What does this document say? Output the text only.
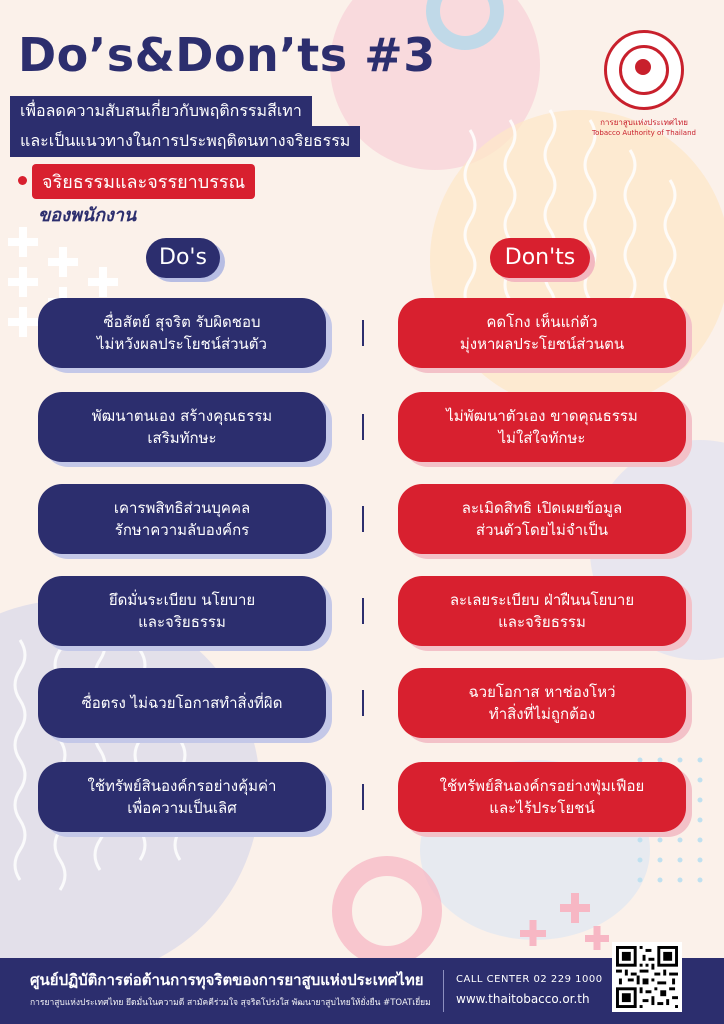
Do’s&Don’ts #3
เพื่อลดความสับสนเกี่ยวกับพฤติกรรมสีเทา
และเป็นแนวทางในการประพฤติตนทางจริยธรรม
การยาสูบแห่งประเทศไทย
Tobacco Authority of Thailand
จริยธรรมและจรรยาบรรณ
ของพนักงาน
Do's	Don'ts
ซื่อสัตย์ สุจริต รับผิดชอบ
ไม่หวังผลประโยชน์ส่วนตัว
คดโกง เห็นแก่ตัว
มุ่งหาผลประโยชน์ส่วนตน
พัฒนาตนเอง สร้างคุณธรรม
เสริมทักษะ
ไม่พัฒนาตัวเอง ขาดคุณธรรม
ไม่ใส่ใจทักษะ
เคารพสิทธิส่วนบุคคล
รักษาความลับองค์กร
ละเมิดสิทธิ เปิดเผยข้อมูล
ส่วนตัวโดยไม่จำเป็น
ยึดมั่นระเบียบ นโยบาย
และจริยธรรม
ละเลยระเบียบ ฝ่าฝืนนโยบาย
และจริยธรรม
ซื่อตรง ไม่ฉวยโอกาสทำสิ่งที่ผิด
ฉวยโอกาส หาช่องโหว่
ทำสิ่งที่ไม่ถูกต้อง
ใช้ทรัพย์สินองค์กรอย่างคุ้มค่า
เพื่อความเป็นเลิศ
ใช้ทรัพย์สินองค์กรอย่างฟุ่มเฟือย
และไร้ประโยชน์
ศูนย์ปฏิบัติการต่อต้านการทุจริตของการยาสูบแห่งประเทศไทย
การยาสูบแห่งประเทศไทย ยึดมั่นในความดี สามัคคีร่วมใจ สุจริตโปร่งใส พัฒนายาสูบไทยให้ยั่งยืน #TOATเยี่ยม
CALL CENTER 02 229 1000
www.thaitobacco.or.th
